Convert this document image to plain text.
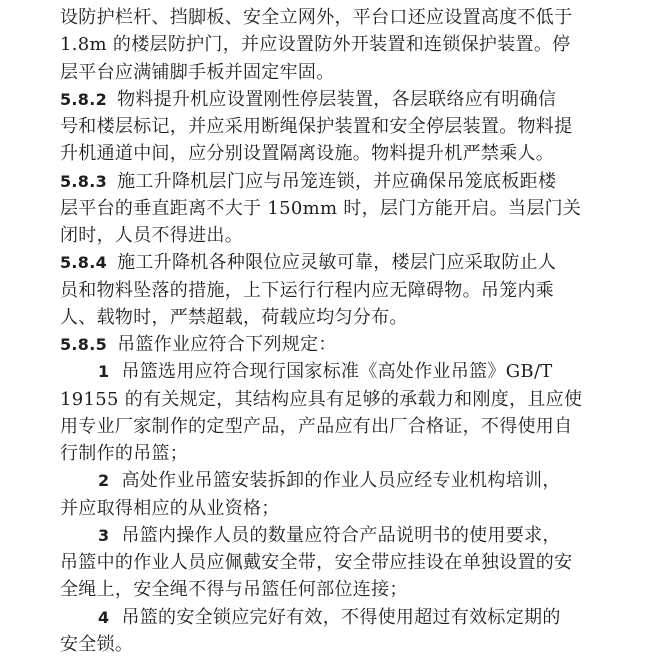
设防护栏杆、挡脚板、安全立网外，平台口还应设置高度不低于
1.8m 的楼层防护门，并应设置防外开装置和连锁保护装置。停
层平台应满铺脚手板并固定牢固。
5.8.2 物料提升机应设置刚性停层装置，各层联络应有明确信
号和楼层标记，并应采用断绳保护装置和安全停层装置。物料提
升机通道中间，应分别设置隔离设施。物料提升机严禁乘人。
5.8.3 施工升降机层门应与吊笼连锁，并应确保吊笼底板距楼
层平台的垂直距离不大于 150mm 时，层门方能开启。当层门关
闭时，人员不得进出。
5.8.4 施工升降机各种限位应灵敏可靠，楼层门应采取防止人
员和物料坠落的措施，上下运行行程内应无障碍物。吊笼内乘
人、载物时，严禁超载，荷载应均匀分布。
5.8.5 吊篮作业应符合下列规定：
1 吊篮选用应符合现行国家标准《高处作业吊篮》GB/T
19155 的有关规定，其结构应具有足够的承载力和刚度，且应使
用专业厂家制作的定型产品，产品应有出厂合格证，不得使用自
行制作的吊篮；
2 高处作业吊篮安装拆卸的作业人员应经专业机构培训，
并应取得相应的从业资格；
3 吊篮内操作人员的数量应符合产品说明书的使用要求，
吊篮中的作业人员应佩戴安全带，安全带应挂设在单独设置的安
全绳上，安全绳不得与吊篮任何部位连接；
4 吊篮的安全锁应完好有效，不得使用超过有效标定期的
安全锁。
